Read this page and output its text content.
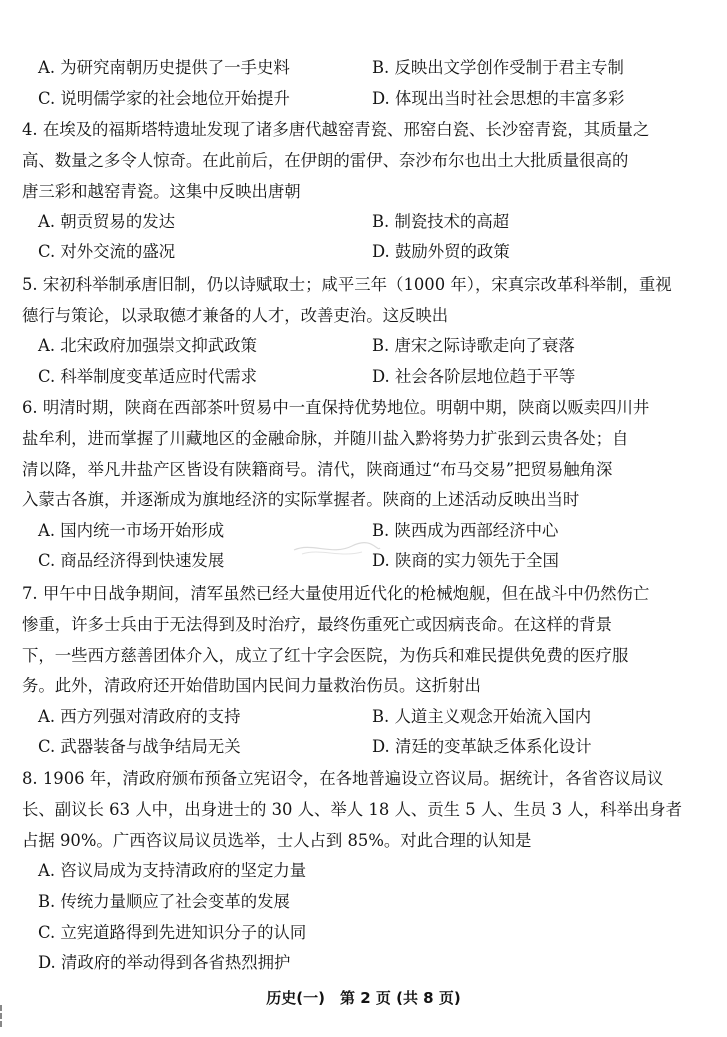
A. 为研究南朝历史提供了一手史料	B. 反映出文学创作受制于君主专制
C. 说明儒学家的社会地位开始提升	D. 体现出当时社会思想的丰富多彩
4. 在埃及的福斯塔特遗址发现了诸多唐代越窑青瓷、邢窑白瓷、长沙窑青瓷，其质量之
高、数量之多令人惊奇。在此前后，在伊朗的雷伊、奈沙布尔也出土大批质量很高的
唐三彩和越窑青瓷。这集中反映出唐朝
A. 朝贡贸易的发达	B. 制瓷技术的高超
C. 对外交流的盛况	D. 鼓励外贸的政策
5. 宋初科举制承唐旧制，仍以诗赋取士；咸平三年（1000 年），宋真宗改革科举制，重视
德行与策论，以录取德才兼备的人才，改善吏治。这反映出
A. 北宋政府加强崇文抑武政策	B. 唐宋之际诗歌走向了衰落
C. 科举制度变革适应时代需求	D. 社会各阶层地位趋于平等
6. 明清时期，陕商在西部茶叶贸易中一直保持优势地位。明朝中期，陕商以贩卖四川井
盐牟利，进而掌握了川藏地区的金融命脉，并随川盐入黔将势力扩张到云贵各处；自
清以降，举凡井盐产区皆设有陕籍商号。清代，陕商通过“布马交易”把贸易触角深
入蒙古各旗，并逐渐成为旗地经济的实际掌握者。陕商的上述活动反映出当时
A. 国内统一市场开始形成	B. 陕西成为西部经济中心
C. 商品经济得到快速发展	D. 陕商的实力领先于全国
7. 甲午中日战争期间，清军虽然已经大量使用近代化的枪械炮舰，但在战斗中仍然伤亡
惨重，许多士兵由于无法得到及时治疗，最终伤重死亡或因病丧命。在这样的背景
下，一些西方慈善团体介入，成立了红十字会医院，为伤兵和难民提供免费的医疗服
务。此外，清政府还开始借助国内民间力量救治伤员。这折射出
A. 西方列强对清政府的支持	B. 人道主义观念开始流入国内
C. 武器装备与战争结局无关	D. 清廷的变革缺乏体系化设计
8. 1906 年，清政府颁布预备立宪诏令，在各地普遍设立咨议局。据统计，各省咨议局议
长、副议长 63 人中，出身进士的 30 人、举人 18 人、贡生 5 人、生员 3 人，科举出身者
占据 90%。广西咨议局议员选举，士人占到 85%。对此合理的认知是
A. 咨议局成为支持清政府的坚定力量
B. 传统力量顺应了社会变革的发展
C. 立宪道路得到先进知识分子的认同
D. 清政府的举动得到各省热烈拥护
历史(一)　第 2 页 (共 8 页)
